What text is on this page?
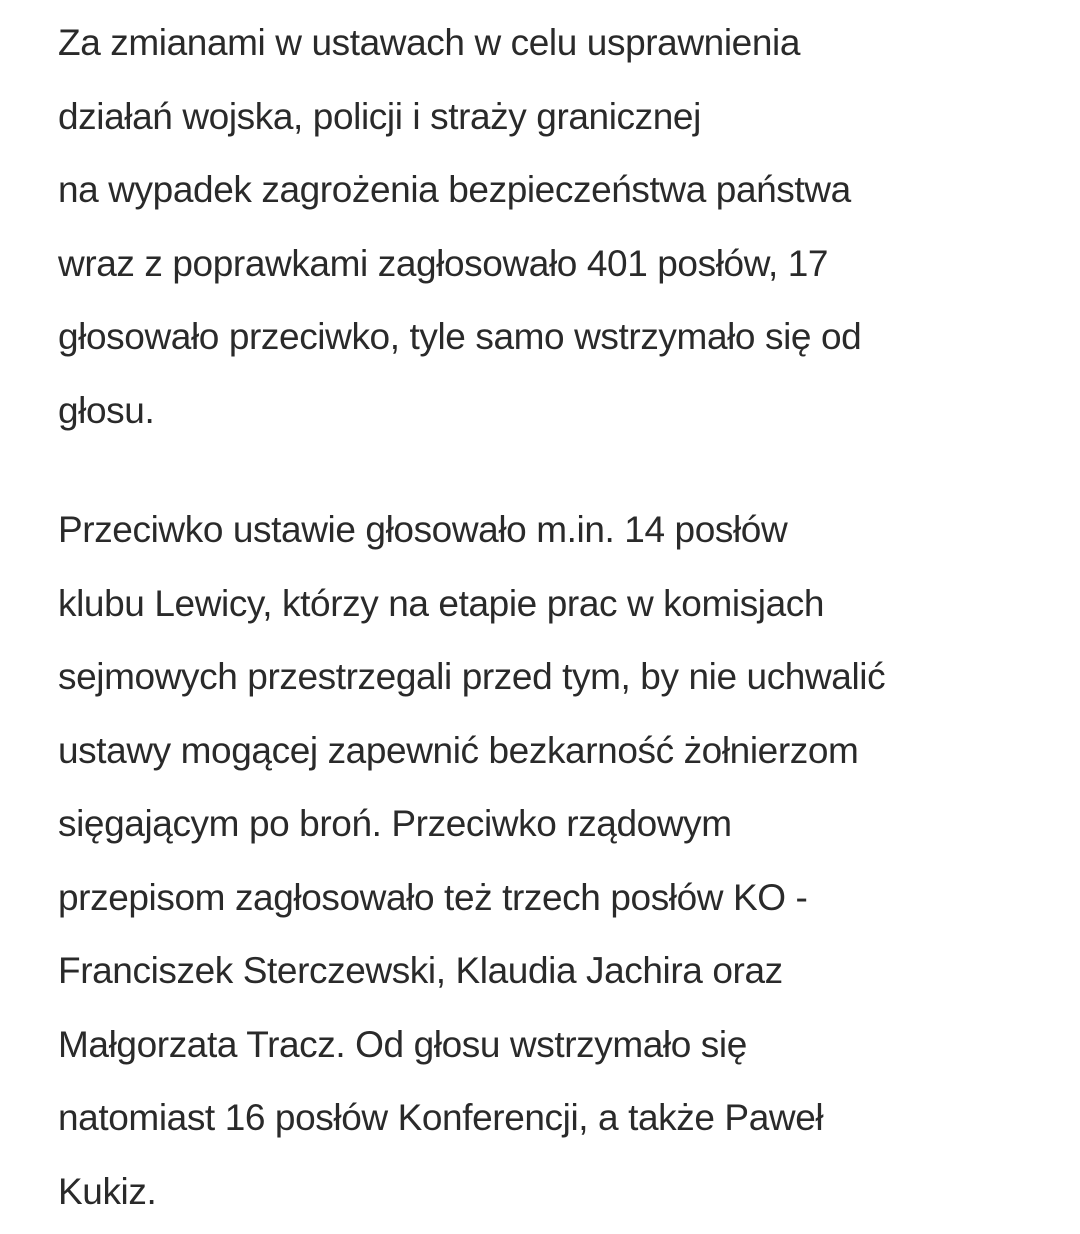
Za zmianami w ustawach w celu usprawnienia
działań wojska, policji i straży granicznej
na wypadek zagrożenia bezpieczeństwa państwa
wraz z poprawkami zagłosowało 401 posłów, 17
głosowało przeciwko, tyle samo wstrzymało się od
głosu.

Przeciwko ustawie głosowało m.in. 14 posłów
klubu Lewicy, którzy na etapie prac w komisjach
sejmowych przestrzegali przed tym, by nie uchwalić
ustawy mogącej zapewnić bezkarność żołnierzom
sięgającym po broń. Przeciwko rządowym
przepisom zagłosowało też trzech posłów KO -
Franciszek Sterczewski, Klaudia Jachira oraz
Małgorzata Tracz. Od głosu wstrzymało się
natomiast 16 posłów Konferencji, a także Paweł
Kukiz.
